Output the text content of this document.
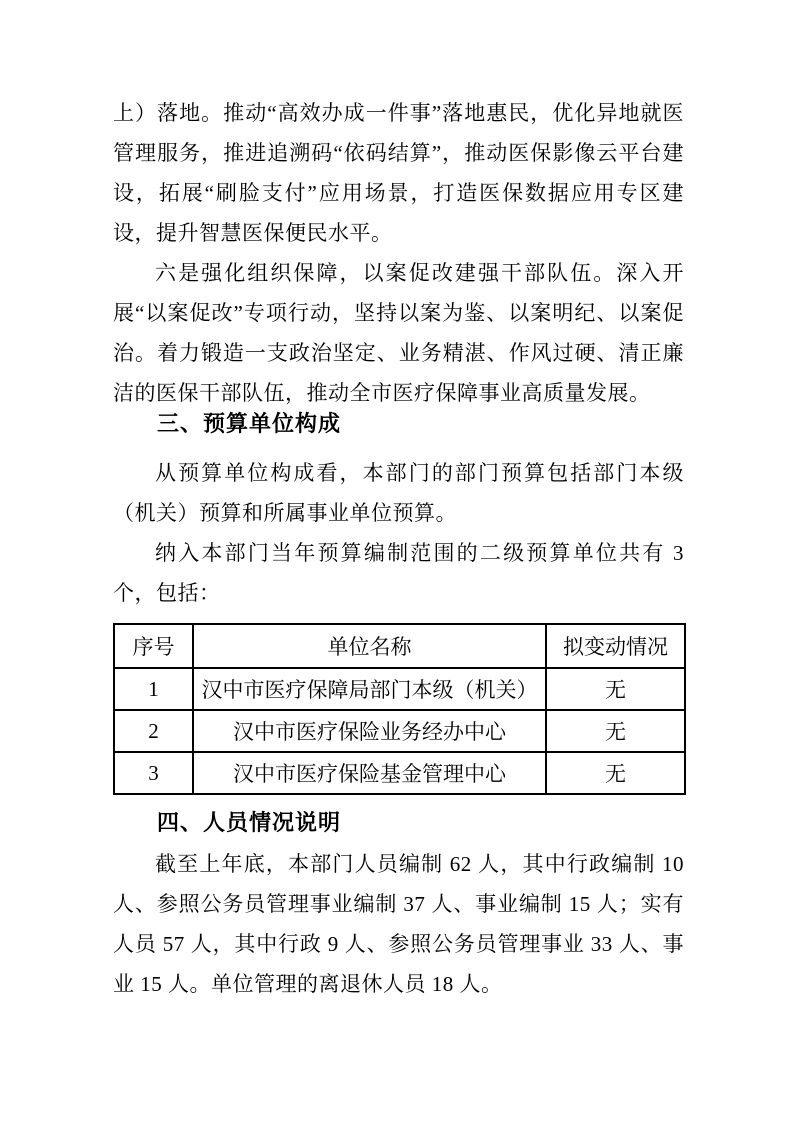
上）落地。推动“高效办成一件事”落地惠民，优化异地就医管理服务，推进追溯码“依码结算”，推动医保影像云平台建设，拓展“刷脸支付”应用场景，打造医保数据应用专区建设，提升智慧医保便民水平。

六是强化组织保障，以案促改建强干部队伍。深入开展“以案促改”专项行动，坚持以案为鉴、以案明纪、以案促治。着力锻造一支政治坚定、业务精湛、作风过硬、清正廉洁的医保干部队伍，推动全市医疗保障事业高质量发展。

三、预算单位构成

从预算单位构成看，本部门的部门预算包括部门本级（机关）预算和所属事业单位预算。

纳入本部门当年预算编制范围的二级预算单位共有 3 个，包括：

序号	单位名称	拟变动情况
1	汉中市医疗保障局部门本级（机关）	无
2	汉中市医疗保险业务经办中心	无
3	汉中市医疗保险基金管理中心	无
四、人员情况说明

截至上年底，本部门人员编制 62 人，其中行政编制 10 人、参照公务员管理事业编制 37 人、事业编制 15 人；实有人员 57 人，其中行政 9 人、参照公务员管理事业 33 人、事业 15 人。单位管理的离退休人员 18 人。
